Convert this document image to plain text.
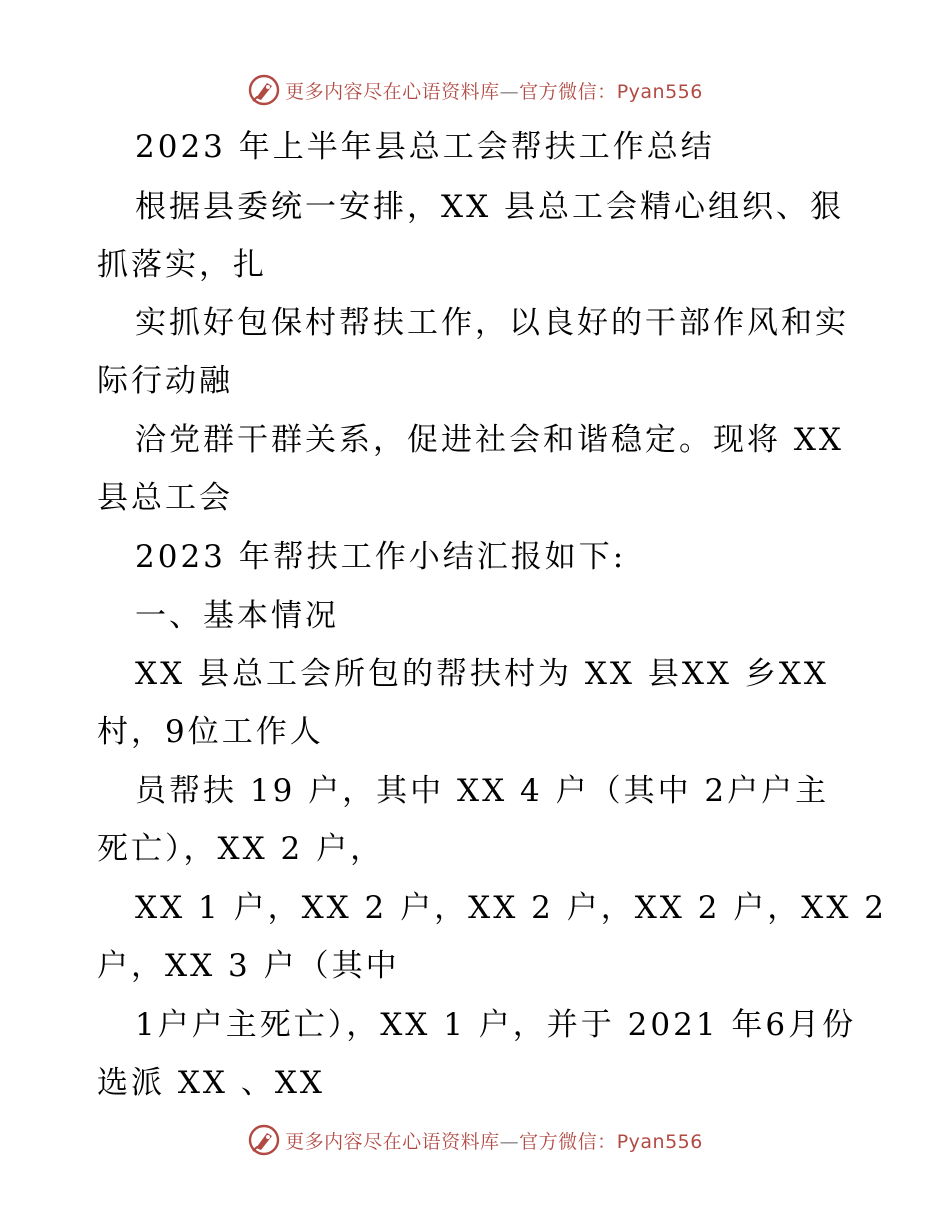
更多内容尽在心语资料库—官方微信：Pyan556
2023 年上半年县总工会帮扶工作总结
根据县委统一安排，XX 县总工会精心组织、狠
抓落实，扎
实抓好包保村帮扶工作，以良好的干部作风和实
际行动融
洽党群干群关系，促进社会和谐稳定。现将 XX
县总工会
2023 年帮扶工作小结汇报如下:
一、基本情况
XX 县总工会所包的帮扶村为 XX 县XX 乡XX
村，9位工作人
员帮扶 19 户，其中 XX 4 户（其中 2户户主
死亡），XX 2 户，
XX 1 户，XX 2 户，XX 2 户，XX 2 户，XX 2
户，XX 3 户（其中
1户户主死亡），XX 1 户，并于 2021 年6月份
选派 XX 、XX
更多内容尽在心语资料库—官方微信：Pyan556
